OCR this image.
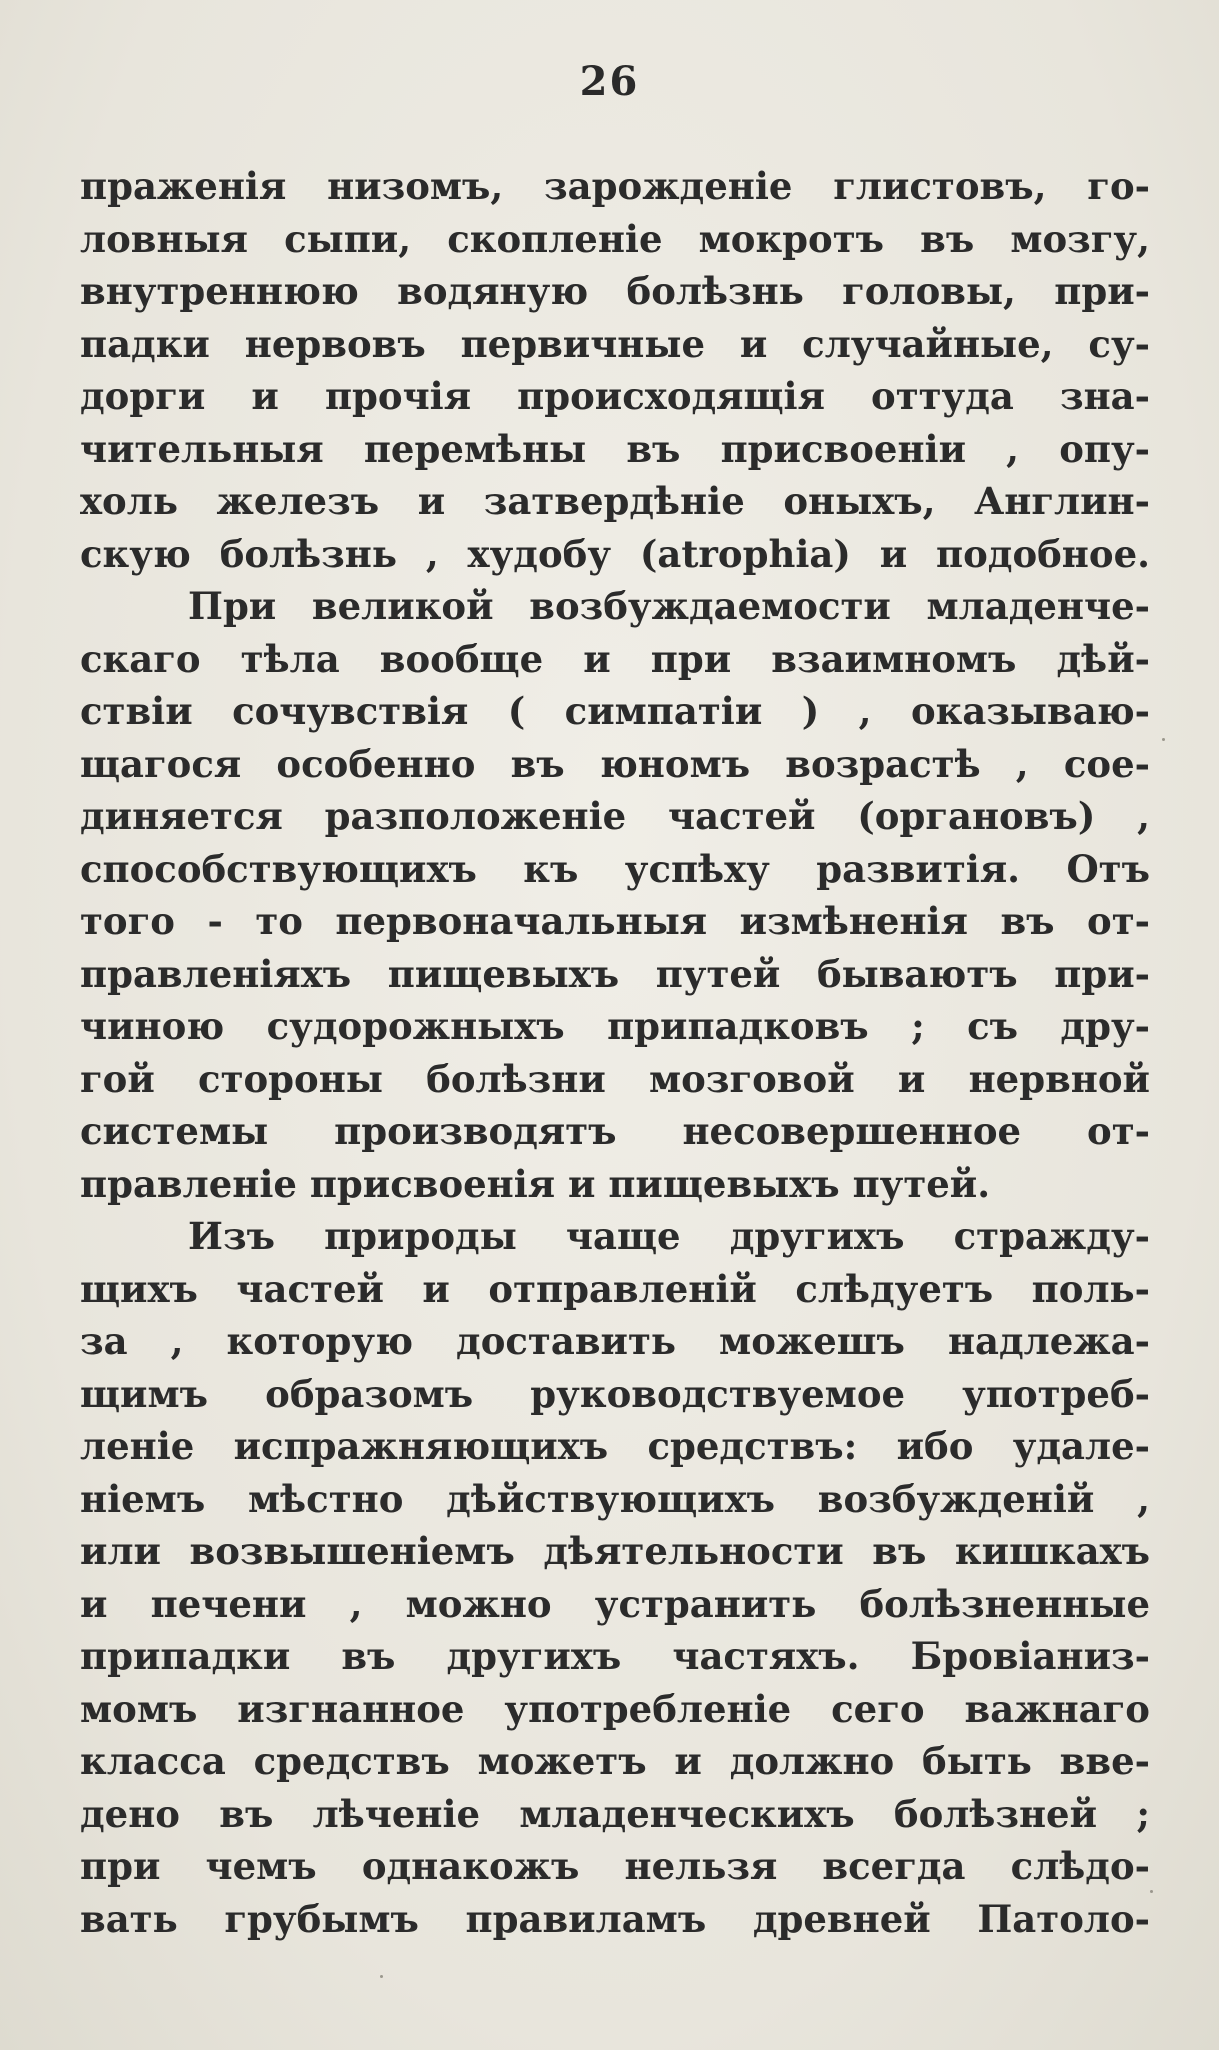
26
праженія низомъ, зарожденіе глистовъ, го-
ловныя сыпи, скопленіе мокротъ въ мозгу,
внутреннюю водяную болѣзнь головы, при-
падки нервовъ первичные и случайные, су-
дорги и прочія происходящія оттуда зна-
чительныя перемѣны въ присвоеніи , опу-
холь железъ и затвердѣніе оныхъ, Англин-
скую болѣзнь , худобу (atrophia) и подобное.
При великой возбуждаемости младенче-
скаго тѣла вообще и при взаимномъ дѣй-
ствіи сочувствія ( симпатіи ) , оказываю-
щагося особенно въ юномъ возрастѣ , сое-
диняется разположеніе частей (органовъ) ,
способствующихъ къ успѣху развитія. Отъ
того - то первоначальныя измѣненія въ от-
правленіяхъ пищевыхъ путей бываютъ при-
чиною судорожныхъ припадковъ ; съ дру-
гой стороны болѣзни мозговой и нервной
системы производятъ несовершенное от-
правленіе присвоенія и пищевыхъ путей.
Изъ природы чаще другихъ стражду-
щихъ частей и отправленій слѣдуетъ поль-
за , которую доставить можешъ надлежа-
щимъ образомъ руководствуемое употреб-
леніе испражняющихъ средствъ: ибо удале-
ніемъ мѣстно дѣйствующихъ возбужденій ,
или возвышеніемъ дѣятельности въ кишкахъ
и печени , можно устранить болѣзненные
припадки въ другихъ частяхъ. Бровіаниз-
момъ изгнанное употребленіе сего важнаго
класса средствъ можетъ и должно быть вве-
дено въ лѣченіе младенческихъ болѣзней ;
при чемъ однакожъ нельзя всегда слѣдо-
вать грубымъ правиламъ древней Патоло-
